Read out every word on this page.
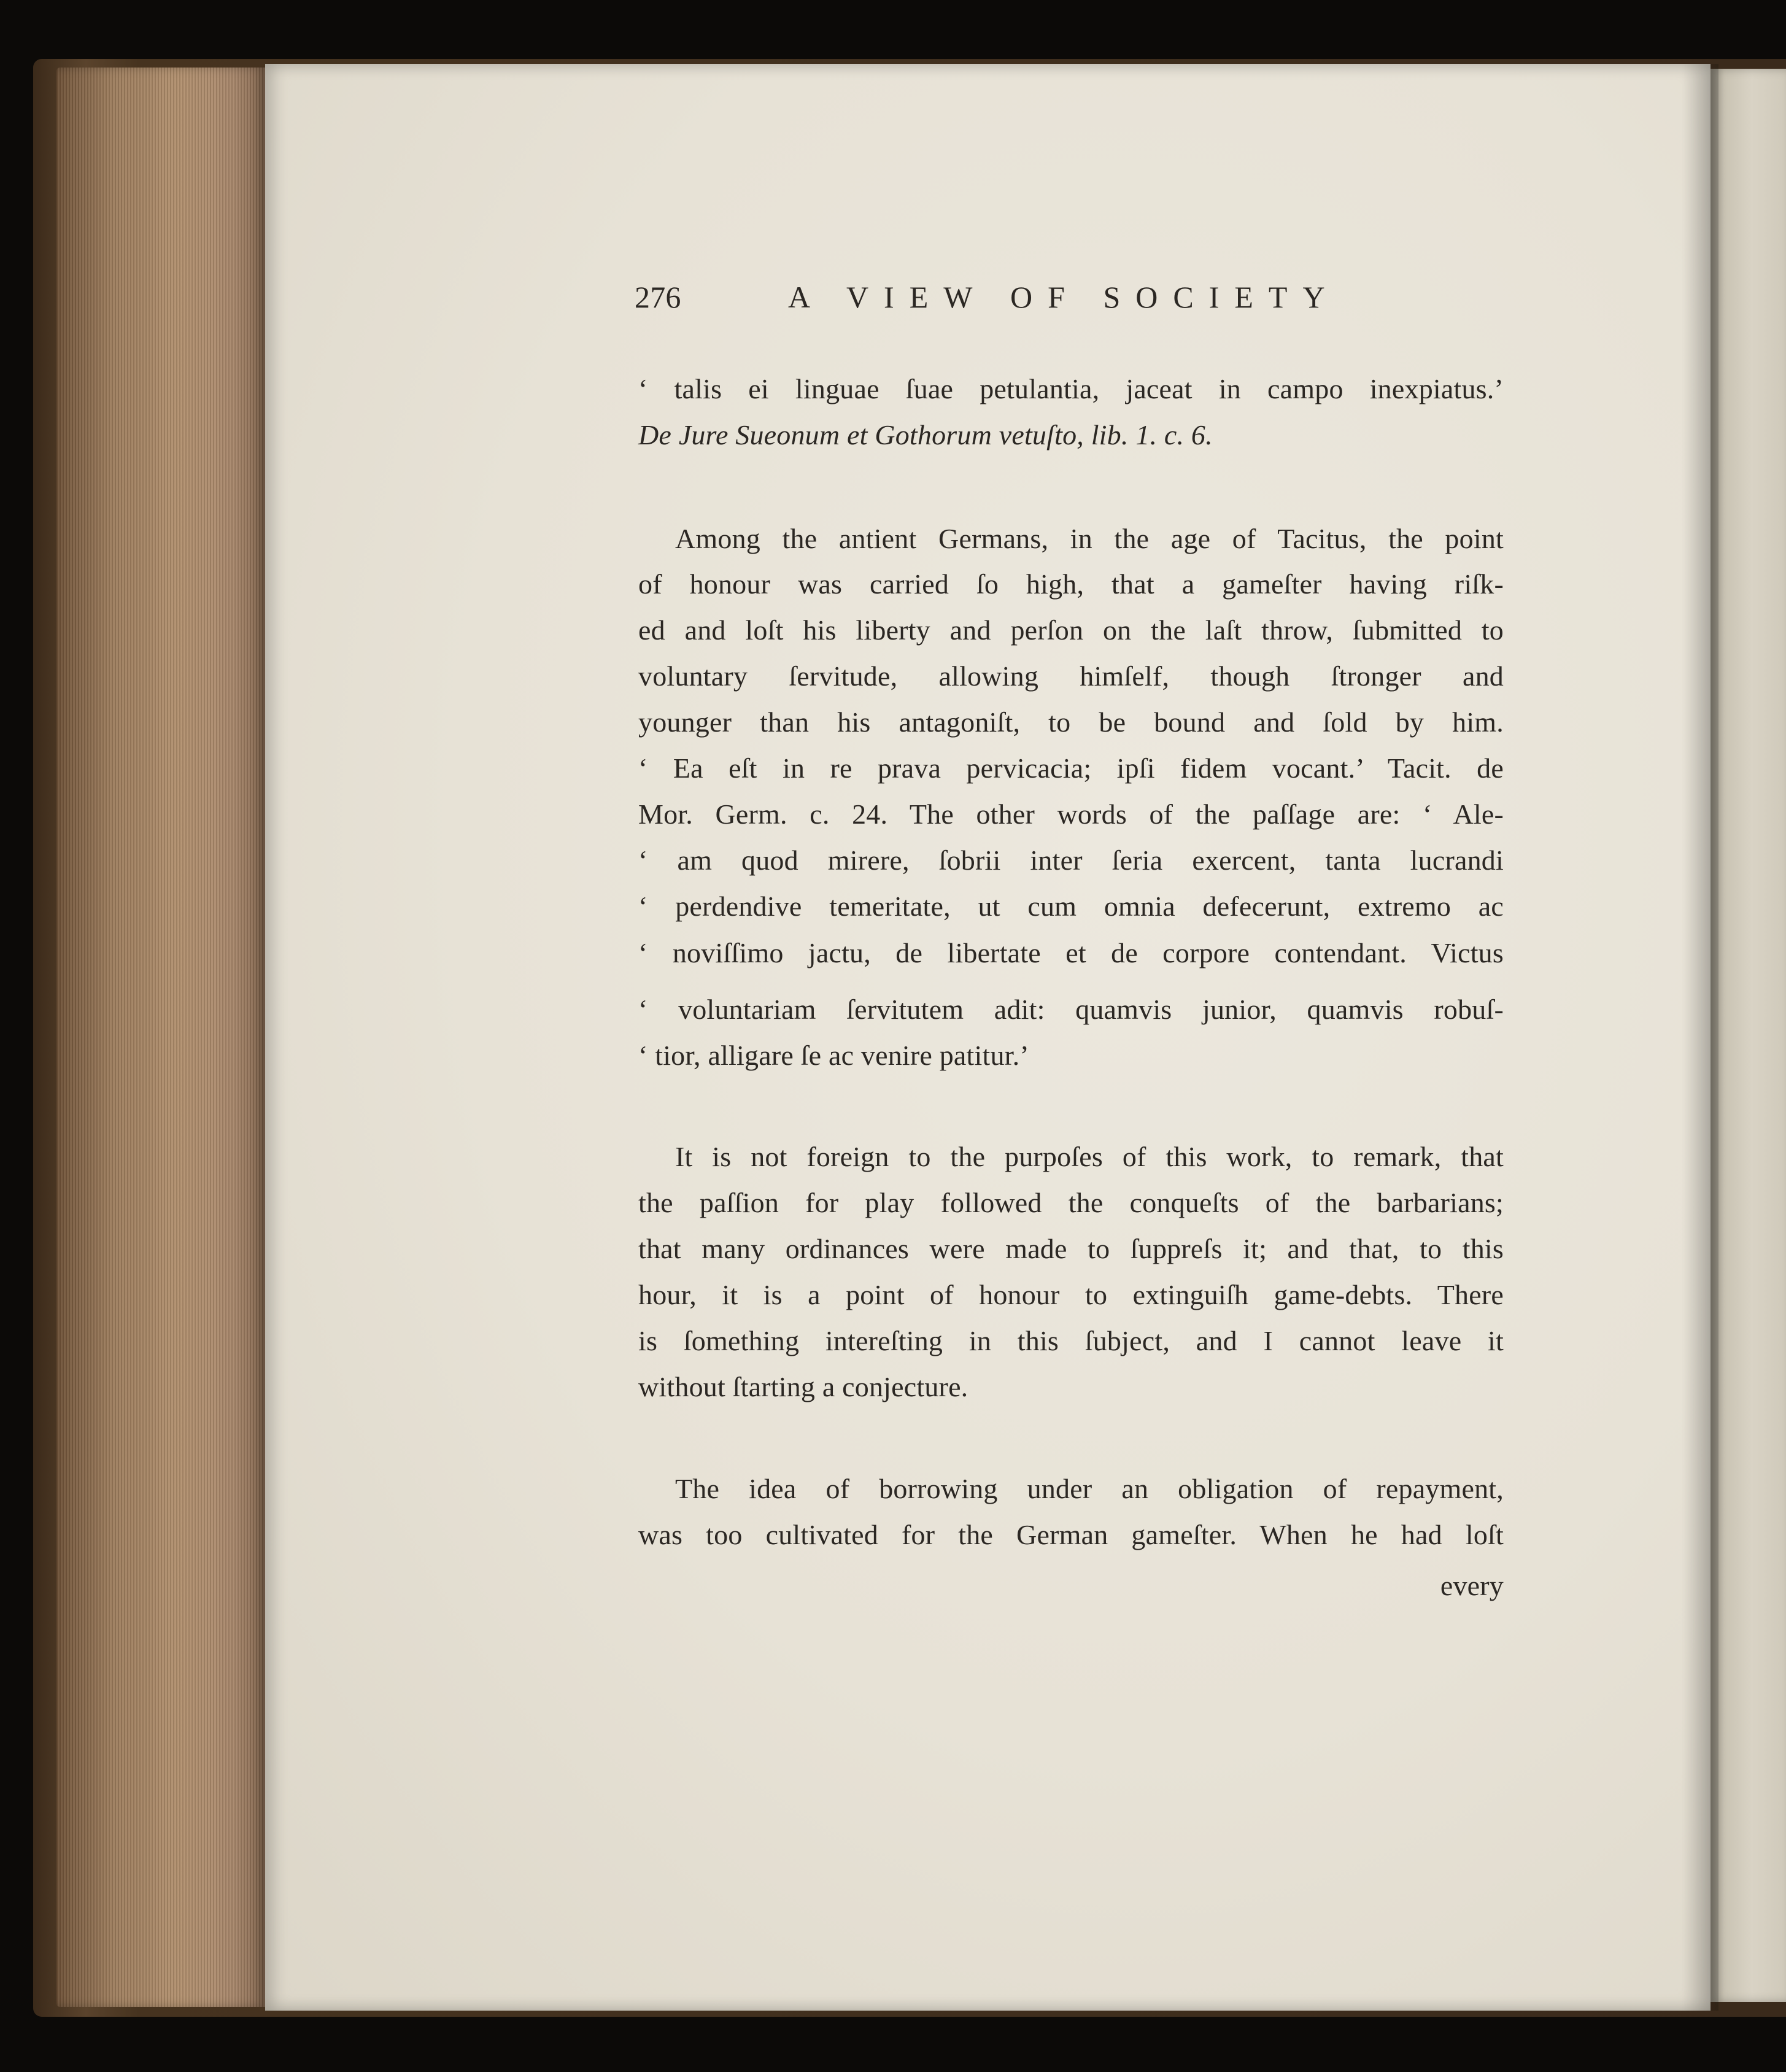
276	A VIEW OF SOCIETY
‘ talis ei linguae ſuae petulantia, jaceat in campo inexpiatus.’
De Jure Sueonum et Gothorum vetuſto, lib. 1. c. 6.
Among the antient Germans, in the age of Tacitus, the point
of honour was carried ſo high, that a gameſter having riſk-
ed and loſt his liberty and perſon on the laſt throw, ſubmitted to
voluntary ſervitude, allowing himſelf, though ſtronger and
younger than his antagoniſt, to be bound and ſold by him.
‘ Ea eſt in re prava pervicacia; ipſi fidem vocant.’ Tacit. de
Mor. Germ. c. 24. The other words of the paſſage are: ‘ Ale-
‘ am quod mirere, ſobrii inter ſeria exercent, tanta lucrandi
‘ perdendive temeritate, ut cum omnia defecerunt, extremo ac
‘ noviſſimo jactu, de libertate et de corpore contendant. Victus
‘ voluntariam ſervitutem adit: quamvis junior, quamvis robuſ-
‘ tior, alligare ſe ac venire patitur.’
It is not foreign to the purpoſes of this work, to remark, that
the paſſion for play followed the conqueſts of the barbarians;
that many ordinances were made to ſuppreſs it; and that, to this
hour, it is a point of honour to extinguiſh game-debts. There
is ſomething intereſting in this ſubject, and I cannot leave it
without ſtarting a conjecture.
The idea of borrowing under an obligation of repayment,
was too cultivated for the German gameſter. When he had loſt
every
